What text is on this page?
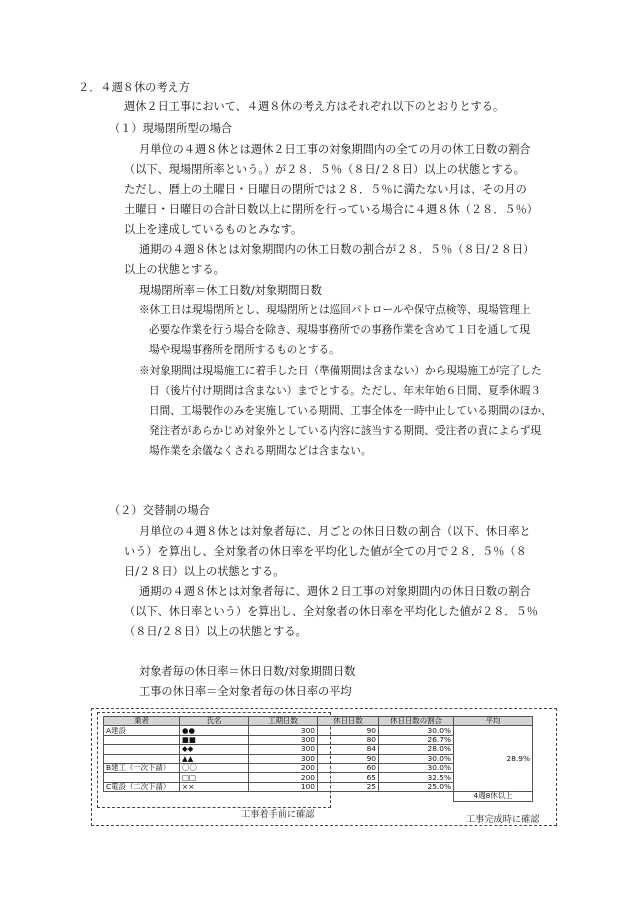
２．４週８休の考え方
週休２日工事において、４週８休の考え方はそれぞれ以下のとおりとする。
（１）現場閉所型の場合
月単位の４週８休とは週休２日工事の対象期間内の全ての月の休工日数の割合
（以下、現場閉所率という。）が２８．５％（８日/２８日）以上の状態とする。
ただし、暦上の土曜日・日曜日の閉所では２８．５％に満たない月は、その月の
土曜日・日曜日の合計日数以上に閉所を行っている場合に４週８休（２８．５％）
以上を達成しているものとみなす。
通期の４週８休とは対象期間内の休工日数の割合が２８．５％（８日/２８日）
以上の状態とする。
現場閉所率＝休工日数/対象期間日数
※休工日は現場閉所とし、現場閉所とは巡回パトロールや保守点検等、現場管理上
必要な作業を行う場合を除き、現場事務所での事務作業を含めて１日を通して現
場や現場事務所を閉所するものとする。
※対象期間は現場施工に着手した日（準備期間は含まない）から現場施工が完了した
日（後片付け期間は含まない）までとする。ただし、年末年始６日間、夏季休暇３
日間、工場製作のみを実施している期間、工事全体を一時中止している期間のほか、
発注者があらかじめ対象外としている内容に該当する期間、受注者の責によらず現
場作業を余儀なくされる期間などは含まない。
（２）交替制の場合
月単位の４週８休とは対象者毎に、月ごとの休日日数の割合（以下、休日率と
いう）を算出し、全対象者の休日率を平均化した値が全ての月で２８．５％（８
日/２８日）以上の状態とする。
通期の４週８休とは対象者毎に、週休２日工事の対象期間内の休日日数の割合
（以下、休日率という）を算出し、全対象者の休日率を平均化した値が２８．５％
（８日/２８日）以上の状態とする。
対象者毎の休日率＝休日日数/対象期間日数
工事の休日率＝全対象者毎の休日率の平均
業者	氏名	工期日数	休日日数	休日日数の割合	平均
A建設	●●	300	90	30.0%	28.9%
	■■	300	80	26.7%	
	◆◆	300	84	28.0%	
	▲▲	300	90	30.0%	
B建工（一次下請）	〇〇	200	60	30.0%	
	□□	200	65	32.5%	
C電設（二次下請）	××	100	25	25.0%	
					4週8休以上
工事着手前に確認	工事完成時に確認
